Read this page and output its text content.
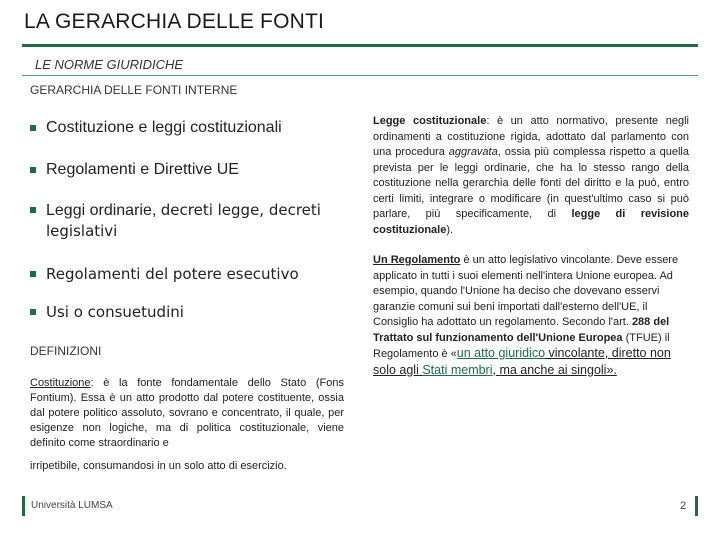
LA GERARCHIA DELLE FONTI
LE NORME GIURIDICHE
GERARCHIA DELLE FONTI INTERNE
Costituzione e leggi costituzionali
Regolamenti e Direttive UE
Leggi ordinarie, decreti legge, decreti
legislativi
Regolamenti del potere esecutivo
Usi o consuetudini
DEFINIZIONI
Costituzione: è la fonte fondamentale dello Stato (Fons Fontium). Essa è un atto prodotto dal potere costituente, ossia dal potere politico assoluto, sovrano e concentrato, il quale, per esigenze non logiche, ma di politica costituzionale, viene definito come straordinario e
irripetibile, consumandosi in un solo atto di esercizio.

Legge costituzionale: è un atto normativo, presente negli ordinamenti a costituzione rigida, adottato dal parlamento con una procedura aggravata, ossia più complessa rispetto a quella prevista per le leggi ordinarie, che ha lo stesso rango della costituzione nella gerarchia delle fonti del diritto e la può, entro certi limiti, integrare o modificare (in quest'ultimo caso si può parlare, più specificamente, di legge di revisione costituzionale).

Un Regolamento è un atto legislativo vincolante. Deve essere applicato in tutti i suoi elementi nell'intera Unione europea. Ad esempio, quando l'Unione ha deciso che dovevano esservi garanzie comuni sui beni importati dall'esterno dell'UE, il Consiglio ha adottato un regolamento. Secondo l'art. 288 del Trattato sul funzionamento dell'Unione Europea (TFUE) il Regolamento è «un atto giuridico vincolante, diretto non solo agli Stati membri, ma anche ai singoli».

Università LUMSA	2
